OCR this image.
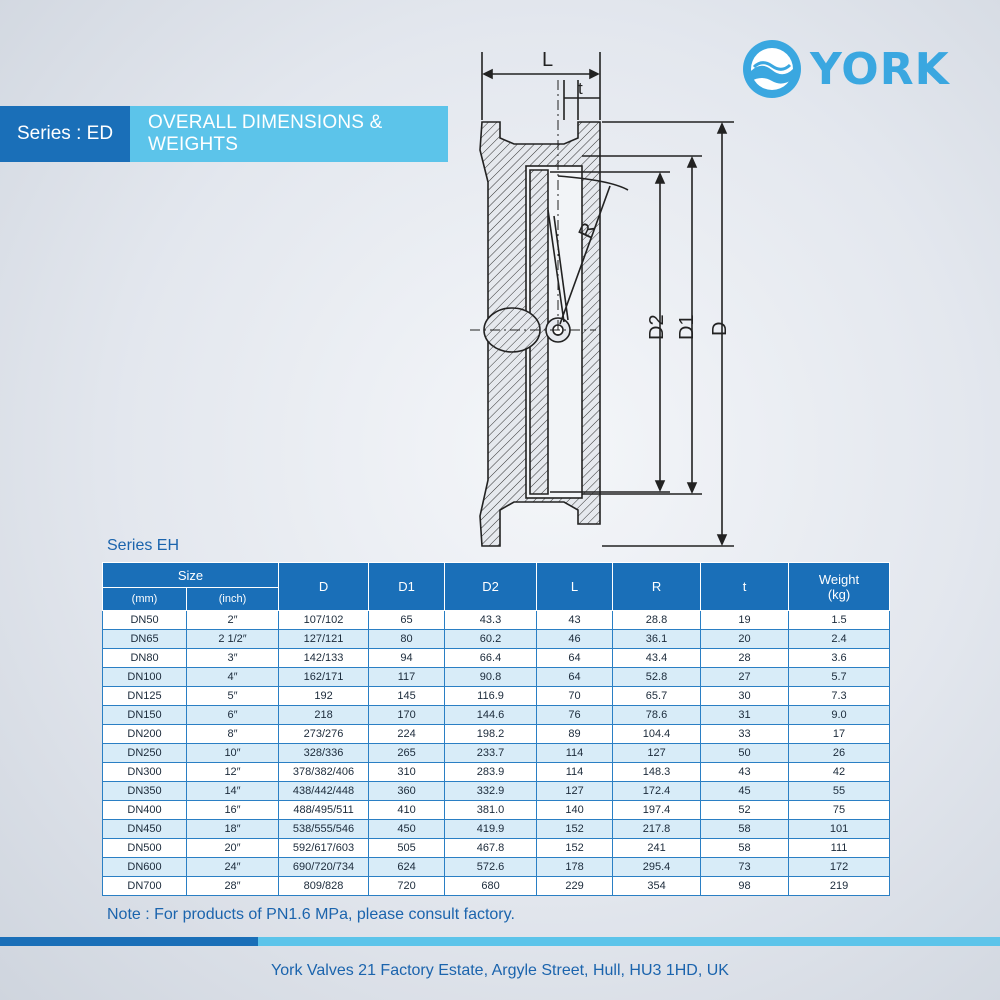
YORK
Series : ED
OVERALL DIMENSIONS & WEIGHTS
L
t
R
D2 D1 D
Series EH
Size		D	D1	D2	L	R	t	Weight
(kg)
(mm)	(inch)							
DN50	2″	107/102	65	43.3	43	28.8	19	1.5
DN65	2 1/2″	127/121	80	60.2	46	36.1	20	2.4
DN80	3″	142/133	94	66.4	64	43.4	28	3.6
DN100	4″	162/171	117	90.8	64	52.8	27	5.7
DN125	5″	192	145	116.9	70	65.7	30	7.3
DN150	6″	218	170	144.6	76	78.6	31	9.0
DN200	8″	273/276	224	198.2	89	104.4	33	17
DN250	10″	328/336	265	233.7	114	127	50	26
DN300	12″	378/382/406	310	283.9	114	148.3	43	42
DN350	14″	438/442/448	360	332.9	127	172.4	45	55
DN400	16″	488/495/511	410	381.0	140	197.4	52	75
DN450	18″	538/555/546	450	419.9	152	217.8	58	101
DN500	20″	592/617/603	505	467.8	152	241	58	111
DN600	24″	690/720/734	624	572.6	178	295.4	73	172
DN700	28″	809/828	720	680	229	354	98	219
Note : For products of PN1.6 MPa, please consult factory.
York Valves 21 Factory Estate, Argyle Street, Hull, HU3 1HD, UK
